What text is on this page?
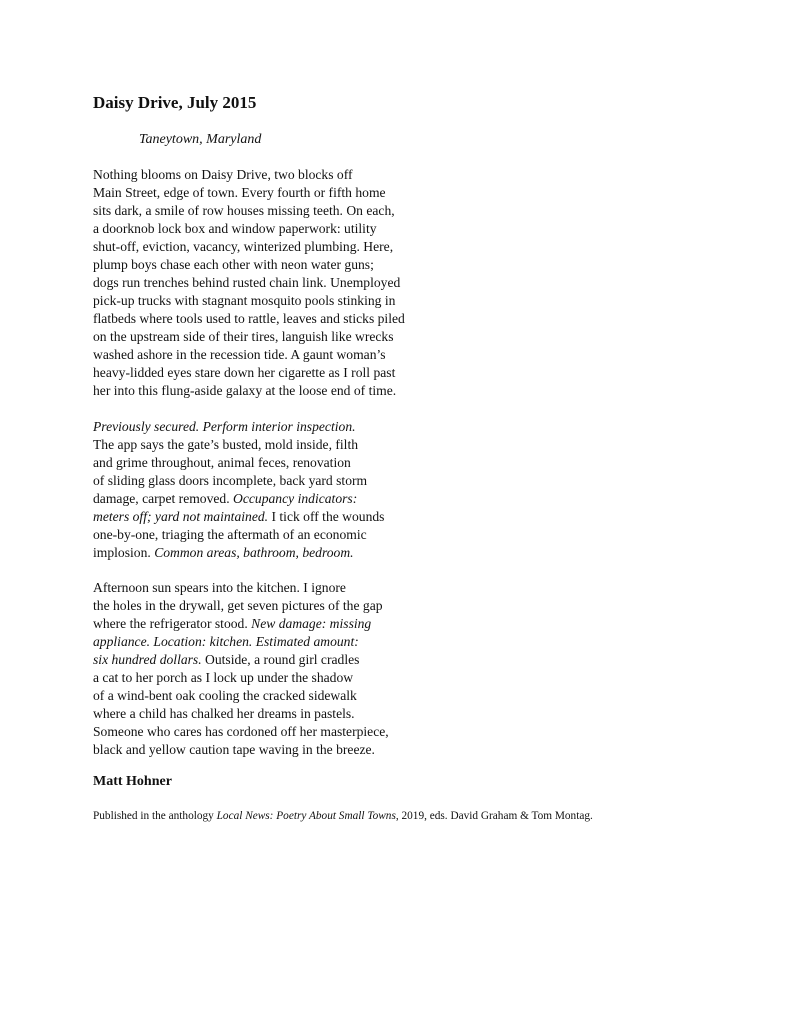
Daisy Drive, July 2015

Taneytown, Maryland

Nothing blooms on Daisy Drive, two blocks off
Main Street, edge of town. Every fourth or fifth home
sits dark, a smile of row houses missing teeth. On each,
a doorknob lock box and window paperwork: utility
shut-off, eviction, vacancy, winterized plumbing. Here,
plump boys chase each other with neon water guns;
dogs run trenches behind rusted chain link. Unemployed
pick-up trucks with stagnant mosquito pools stinking in
flatbeds where tools used to rattle, leaves and sticks piled
on the upstream side of their tires, languish like wrecks
washed ashore in the recession tide. A gaunt woman’s
heavy-lidded eyes stare down her cigarette as I roll past
her into this flung-aside galaxy at the loose end of time.
Previously secured. Perform interior inspection.
The app says the gate’s busted, mold inside, filth
and grime throughout, animal feces, renovation
of sliding glass doors incomplete, back yard storm
damage, carpet removed. Occupancy indicators:
meters off; yard not maintained. I tick off the wounds
one-by-one, triaging the aftermath of an economic
implosion. Common areas, bathroom, bedroom.
Afternoon sun spears into the kitchen. I ignore
the holes in the drywall, get seven pictures of the gap
where the refrigerator stood. New damage: missing
appliance. Location: kitchen. Estimated amount:
six hundred dollars. Outside, a round girl cradles
a cat to her porch as I lock up under the shadow
of a wind-bent oak cooling the cracked sidewalk
where a child has chalked her dreams in pastels.
Someone who cares has cordoned off her masterpiece,
black and yellow caution tape waving in the breeze.

Matt Hohner

Published in the anthology Local News: Poetry About Small Towns, 2019, eds. David Graham & Tom Montag.
